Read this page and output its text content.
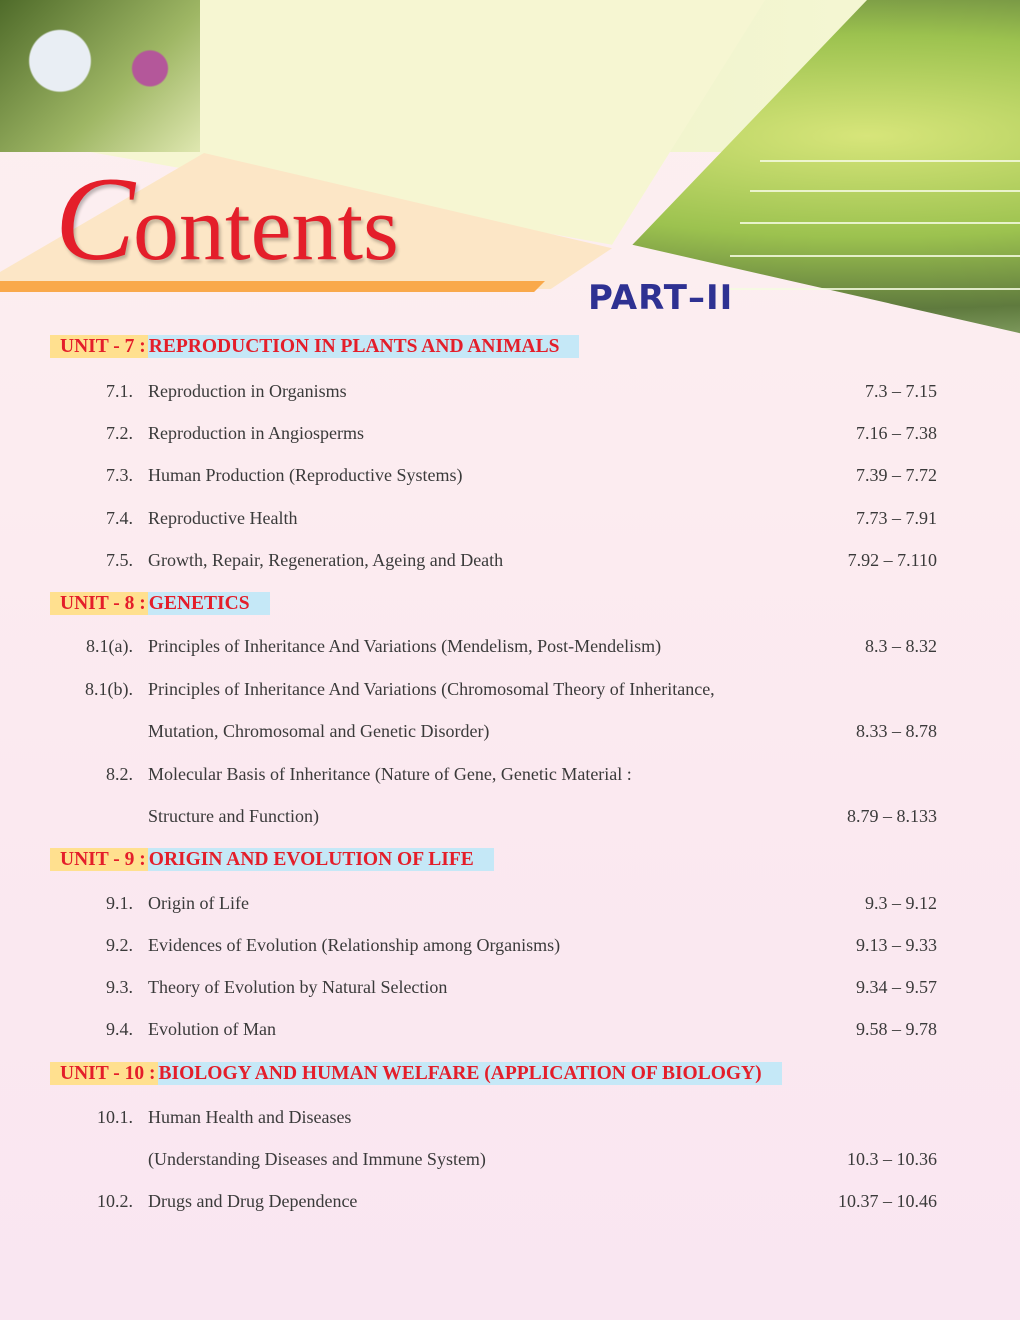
Contents
PART–II
UNIT - 7 : REPRODUCTION IN PLANTS AND ANIMALS
7.1. Reproduction in Organisms	7.3 – 7.15
7.2. Reproduction in Angiosperms	7.16 – 7.38
7.3. Human Production (Reproductive Systems)	7.39 – 7.72
7.4. Reproductive Health	7.73 – 7.91
7.5. Growth, Repair, Regeneration, Ageing and Death	7.92 – 7.110
UNIT - 8 : GENETICS
8.1(a). Principles of Inheritance And Variations (Mendelism, Post-Mendelism)	8.3 – 8.32
8.1(b). Principles of Inheritance And Variations (Chromosomal Theory of Inheritance,
Mutation, Chromosomal and Genetic Disorder)	8.33 – 8.78
8.2. Molecular Basis of Inheritance (Nature of Gene, Genetic Material :
Structure and Function)	8.79 – 8.133
UNIT - 9 : ORIGIN AND EVOLUTION OF LIFE
9.1. Origin of Life	9.3 – 9.12
9.2. Evidences of Evolution (Relationship among Organisms)	9.13 – 9.33
9.3. Theory of Evolution by Natural Selection	9.34 – 9.57
9.4. Evolution of Man	9.58 – 9.78
UNIT - 10 : BIOLOGY AND HUMAN WELFARE (APPLICATION OF BIOLOGY)
10.1. Human Health and Diseases
(Understanding Diseases and Immune System)	10.3 – 10.36
10.2. Drugs and Drug Dependence	10.37 – 10.46
